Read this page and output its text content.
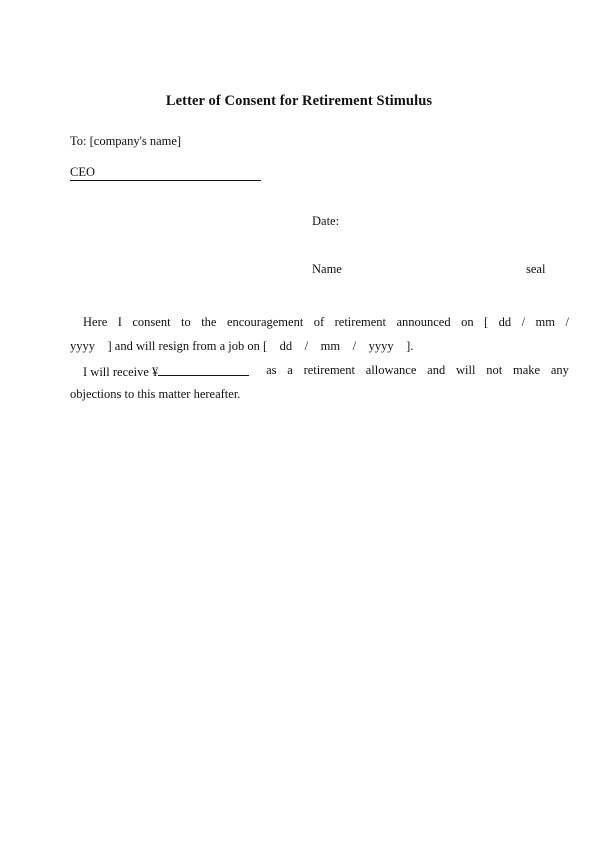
Letter of Consent for Retirement Stimulus
To: [company's name]
CEO
Date:
Name	seal
Here I consent to the encouragement of retirement announced on [ dd / mm /
yyyy    ] and will resign from a job on [    dd    /    mm    /    yyyy    ].
I will receive ¥	as a retirement allowance and will not make any
objections to this matter hereafter.
